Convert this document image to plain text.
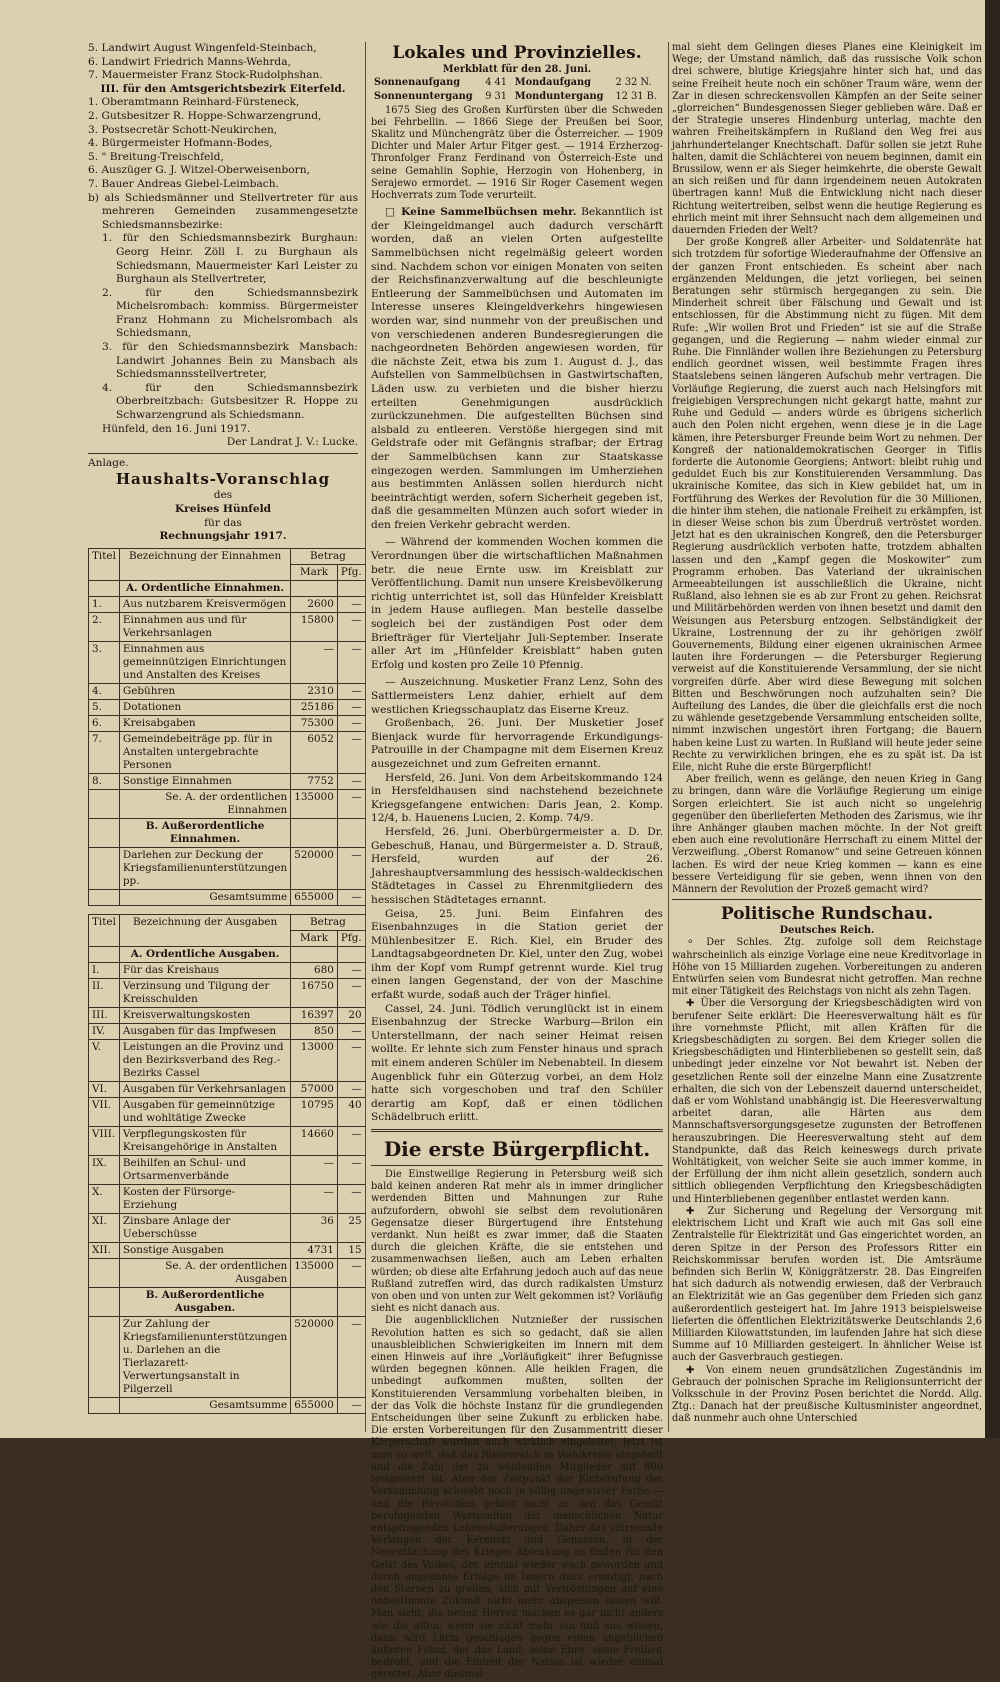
5. Landwirt August Wingenfeld-Steinbach,

6. Landwirt Friedrich Manns-Wehrda,

7. Mauermeister Franz Stock-Rudolphshan.

III. für den Amtsgerichtsbezirk Eiterfeld.

1. Oberamtmann Reinhard-Fürsteneck,

2. Gutsbesitzer R. Hoppe-Schwarzengrund,

3. Postsecretär Schott-Neukirchen,

4. Bürgermeister Hofmann-Bodes,

5. " Breitung-Treischfeld,

6. Auszüger G. J. Witzel-Oberweisenborn,

7. Bauer Andreas Giebel-Leimbach.

b) als Schiedsmänner und Stellvertreter für aus mehreren Gemeinden zusammengesetzte Schiedsmannsbezirke:

1. für den Schiedsmannsbezirk Burghaun: Georg Heinr. Zöll I. zu Burghaun als Schiedsmann, Mauermeister Karl Leister zu Burghaun als Stellvertreter,

2. für den Schiedsmannsbezirk Michelsrombach: kommiss. Bürgermeister Franz Hohmann zu Michelsrombach als Schiedsmann,

3. für den Schiedsmannsbezirk Mansbach: Landwirt Johannes Bein zu Mansbach als Schiedsmannsstellvertreter,

4. für den Schiedsmannsbezirk Oberbreitzbach: Gutsbesitzer R. Hoppe zu Schwarzengrund als Schiedsmann.

Hünfeld, den 16. Juni 1917.

Der Landrat J. V.: Lucke.

Anlage.

Haushalts-Voranschlag
des
Kreises Hünfeld
für das
Rechnungsjahr 1917.
Titel	Bezeichnung der Einnahmen	Betrag	
		Mark	Pfg.
	A. Ordentliche Einnahmen.		
1.	Aus nutzbarem Kreisvermögen	2600	—
2.	Einnahmen aus und für Verkehrsanlagen	15800	—
3.	Einnahmen aus gemeinnützigen Einrichtungen und Anstalten des Kreises	—	—
4.	Gebühren	2310	—
5.	Dotationen	25186	—
6.	Kreisabgaben	75300	—
7.	Gemeindebeiträge pp. für in Anstalten untergebrachte Personen	6052	—
8.	Sonstige Einnahmen	7752	—
	Se. A. der ordentlichen Einnahmen	135000	—
	B. Außerordentliche Einnahmen.		
	Darlehen zur Deckung der Kriegsfamilienunterstützungen pp.	520000	—
	Gesamtsumme	655000	—
Titel	Bezeichnung der Ausgaben	Betrag	
		Mark	Pfg.
	A. Ordentliche Ausgaben.		
I.	Für das Kreishaus	680	—
II.	Verzinsung und Tilgung der Kreisschulden	16750	—
III.	Kreisverwaltungskosten	16397	20
IV.	Ausgaben für das Impfwesen	850	—
V.	Leistungen an die Provinz und den Bezirksverband des Reg.-Bezirks Cassel	13000	—
VI.	Ausgaben für Verkehrsanlagen	57000	—
VII.	Ausgaben für gemeinnützige und wohltätige Zwecke	10795	40
VIII.	Verpflegungskosten für Kreisangehörige in Anstalten	14660	—
IX.	Beihilfen an Schul- und Ortsarmenverbände	—	—
X.	Kosten der Fürsorge-Erziehung	—	—
XI.	Zinsbare Anlage der Ueberschüsse	36	25
XII.	Sonstige Ausgaben	4731	15
	Se. A. der ordentlichen Ausgaben	135000	—
	B. Außerordentliche Ausgaben.		
	Zur Zahlung der Kriegsfamilienunterstützungen u. Darlehen an die Tierlazarett-Verwertungsanstalt in Pilgerzell	520000	—
	Gesamtsumme	655000	—
Lokales und Provinzielles.
Merkblatt für den 28. Juni.
Sonnenaufgang	4 41	Mondaufgang	2 32 N.
Sonnenuntergang	9 31	Monduntergang	12 31 B.

1675 Sieg des Großen Kurfürsten über die Schweden bei Fehrbellin. — 1866 Siege der Preußen bei Soor, Skalitz und Münchengrätz über die Österreicher. — 1909 Dichter und Maler Artur Fitger gest. — 1914 Erzherzog-Thronfolger Franz Ferdinand von Österreich-Este und seine Gemahlin Sophie, Herzogin von Hohenberg, in Serajewo ermordet. — 1916 Sir Roger Casement wegen Hochverrats zum Tode verurteilt.

□ Keine Sammelbüchsen mehr. Bekanntlich ist der Kleingeldmangel auch dadurch verschärft worden, daß an vielen Orten aufgestellte Sammelbüchsen nicht regelmäßig geleert worden sind. Nachdem schon vor einigen Monaten von seiten der Reichsfinanzverwaltung auf die beschleunigte Entleerung der Sammelbüchsen und Automaten im Interesse unseres Kleingeldverkehrs hingewiesen worden war, sind nunmehr von der preußischen und von verschiedenen anderen Bundesregierungen die nachgeordneten Behörden angewiesen worden, für die nächste Zeit, etwa bis zum 1. August d. J., das Aufstellen von Sammelbüchsen in Gastwirtschaften, Läden usw. zu verbieten und die bisher hierzu erteilten Genehmigungen ausdrücklich zurückzunehmen. Die aufgestellten Büchsen sind alsbald zu entleeren. Verstöße hiergegen sind mit Geldstrafe oder mit Gefängnis strafbar; der Ertrag der Sammelbüchsen kann zur Staatskasse eingezogen werden. Sammlungen im Umherziehen aus bestimmten Anlässen sollen hierdurch nicht beeinträchtigt werden, sofern Sicherheit gegeben ist, daß die gesammelten Münzen auch sofort wieder in den freien Verkehr gebracht werden.

— Während der kommenden Wochen kommen die Verordnungen über die wirtschaftlichen Maßnahmen betr. die neue Ernte usw. im Kreisblatt zur Veröffentlichung. Damit nun unsere Kreisbevölkerung richtig unterrichtet ist, soll das Hünfelder Kreisblatt in jedem Hause aufliegen. Man bestelle dasselbe sogleich bei der zuständigen Post oder dem Briefträger für Vierteljahr Juli-September. Inserate aller Art im „Hünfelder Kreisblatt“ haben guten Erfolg und kosten pro Zeile 10 Pfennig.

— Auszeichnung. Musketier Franz Lenz, Sohn des Sattlermeisters Lenz dahier, erhielt auf dem westlichen Kriegsschauplatz das Eiserne Kreuz.

Großenbach, 26. Juni. Der Musketier Josef Bienjack wurde für hervorragende Erkundigungs-Patrouille in der Champagne mit dem Eisernen Kreuz ausgezeichnet und zum Gefreiten ernannt.

Hersfeld, 26. Juni. Von dem Arbeitskommando 124 in Hersfeldhausen sind nachstehend bezeichnete Kriegsgefangene entwichen: Daris Jean, 2. Komp. 12/4, b. Hauenens Lucien, 2. Komp. 74/9.

Hersfeld, 26. Juni. Oberbürgermeister a. D. Dr. Gebeschuß, Hanau, und Bürgermeister a. D. Strauß, Hersfeld, wurden auf der 26. Jahreshauptversammlung des hessisch-waldeckischen Städtetages in Cassel zu Ehrenmitgliedern des hessischen Städtetages ernannt.

Geisa, 25. Juni. Beim Einfahren des Eisenbahnzuges in die Station geriet der Mühlenbesitzer E. Rich. Kiel, ein Bruder des Landtagsabgeordneten Dr. Kiel, unter den Zug, wobei ihm der Kopf vom Rumpf getrennt wurde. Kiel trug einen langen Gegenstand, der von der Maschine erfaßt wurde, sodaß auch der Träger hinfiel.

Cassel, 24. Juni. Tödlich verunglückt ist in einem Eisenbahnzug der Strecke Warburg—Brilon ein Unterstellmann, der nach seiner Heimat reisen wollte. Er lehnte sich zum Fenster hinaus und sprach mit einem anderen Schüler im Nebenabteil. In diesem Augenblick fuhr ein Güterzug vorbei, an dem Holz hatte sich vorgeschoben und traf den Schüler derartig am Kopf, daß er einen tödlichen Schädelbruch erlitt.

Die erste Bürgerpflicht.

Die Einstweilige Regierung in Petersburg weiß sich bald keinen anderen Rat mehr als in immer dringlicher werdenden Bitten und Mahnungen zur Ruhe aufzufordern, obwohl sie selbst dem revolutionären Gegensatze dieser Bürgertugend ihre Entstehung verdankt. Nun heißt es zwar immer, daß die Staaten durch die gleichen Kräfte, die sie entstehen und zusammenwachsen ließen, auch am Leben erhalten würden; ob diese alte Erfahrung jedoch auch auf das neue Rußland zutreffen wird, das durch radikalsten Umsturz von oben und von unten zur Welt gekommen ist? Vorläufig sieht es nicht danach aus.

Die augenblicklichen Nutznießer der russischen Revolution hatten es sich so gedacht, daß sie allen unausbleiblichen Schwierigkeiten im Innern mit dem einen Hinweis auf ihre „Vorläufigkeit“ ihrer Befugnisse würden begegnen können. Alle heiklen Fragen, die unbedingt aufkommen mußten, sollten der Konstituierenden Versammlung vorbehalten bleiben, in der das Volk die höchste Instanz für die grundlegenden Entscheidungen über seine Zukunft zu erblicken habe. Die ersten Vorbereitungen für den Zusammentritt dieser Körperschaft wurden auch wirklich eingeleitet; jetzt ist man so weit, daß das Riesenreich in Wahlkreise eingeteilt und die Zahl der zu wählenden Mitglieder auf 800 festgesetzt ist. Aber der Zeitpunkt der Einberufung der Versammlung schwebt noch in völlig ungewisser Ferne — und die Revolution gehört nicht zu den das Gemüt beruhigenden Wartezeiten der menschlichen Natur entspringenden Lebensäußerungen. Daher das stürmende Verlangen der Kerenski und Genossen, in der Neuentfachung des Krieges Ablenkung zu finden für den Geist des Volkes, der, einmal wieder wach geworden und durch ungeahnte Erfolge im Innern dazu ermutigt, nach den Sternen zu greifen, sich mit Vertröstungen auf eine unbestimmte Zukunft nicht mehr abspeisen lassen will. Man sieht, die neuen Herren machen es gar nicht anders wie die alten: wenn sie nicht mehr ein und aus wissen, dann wird Lärm geschlagen gegen einen angeblichen äußeren Feind, der das Land, seine Ehre, seine Freiheit bedroht, und die Einheit der Nation ist wieder einmal gerettet. Aber diesmal

mal sieht dem Gelingen dieses Planes eine Kleinigkeit im Wege; der Umstand nämlich, daß das russische Volk schon drei schwere, blutige Kriegsjahre hinter sich hat, und das seine Freiheit heute noch ein schöner Traum wäre, wenn der Zar in diesen schreckensvollen Kämpfen an der Seite seiner „glorreichen“ Bundesgenossen Sieger geblieben wäre. Daß er der Strategie unseres Hindenburg unterlag, machte den wahren Freiheitskämpfern in Rußland den Weg frei aus jahrhundertelanger Knechtschaft. Dafür sollen sie jetzt Ruhe halten, damit die Schlächterei von neuem beginnen, damit ein Brussilow, wenn er als Sieger heimkehrte, die oberste Gewalt an sich reißen und für dann irgendeinem neuen Autokraten übertragen kann! Muß die Entwicklung nicht nach dieser Richtung weitertreiben, selbst wenn die heutige Regierung es ehrlich meint mit ihrer Sehnsucht nach dem allgemeinen und dauernden Frieden der Welt?

Der große Kongreß aller Arbeiter- und Soldatenräte hat sich trotzdem für sofortige Wiederaufnahme der Offensive an der ganzen Front entschieden. Es scheint aber nach ergänzenden Meldungen, die jetzt vorliegen, bei seinen Beratungen sehr stürmisch hergegangen zu sein. Die Minderheit schreit über Fälschung und Gewalt und ist entschlossen, für die Abstimmung nicht zu fügen. Mit dem Rufe: „Wir wollen Brot und Frieden“ ist sie auf die Straße gegangen, und die Regierung — nahm wieder einmal zur Ruhe. Die Finnländer wollen ihre Beziehungen zu Petersburg endlich geordnet wissen, weil bestimmte Fragen ihres Staatslebens seinen längeren Aufschub mehr vertragen. Die Vorläufige Regierung, die zuerst auch nach Helsingfors mit freigiebigen Versprechungen nicht gekargt hatte, mahnt zur Ruhe und Geduld — anders würde es übrigens sicherlich auch den Polen nicht ergehen, wenn diese je in die Lage kämen, ihre Petersburger Freunde beim Wort zu nehmen. Der Kongreß der nationaldemokratischen Georger in Tiflis forderte die Autonomie Georgiens; Antwort: bleibt ruhig und geduldet Euch bis zur Konstituierenden Versammlung. Das ukrainische Komitee, das sich in Kiew gebildet hat, um in Fortführung des Werkes der Revolution für die 30 Millionen, die hinter ihm stehen, die nationale Freiheit zu erkämpfen, ist in dieser Weise schon bis zum Überdruß vertröstet worden. Jetzt hat es den ukrainischen Kongreß, den die Petersburger Regierung ausdrücklich verboten hatte, trotzdem abhalten lassen und den „Kampf gegen die Moskowiter“ zum Programm erhoben. Das Vaterland der ukrainischen Armeeabteilungen ist ausschließlich die Ukraine, nicht Rußland, also lehnen sie es ab zur Front zu gehen. Reichsrat und Militärbehörden werden von ihnen besetzt und damit den Weisungen aus Petersburg entzogen. Selbständigkeit der Ukraine, Lostrennung der zu ihr gehörigen zwölf Gouvernements, Bildung einer eigenen ukrainischen Armee lauten ihre Forderungen — die Petersburger Regierung verweist auf die Konstituierende Versammlung, der sie nicht vorgreifen dürfe. Aber wird diese Bewegung mit solchen Bitten und Beschwörungen noch aufzuhalten sein? Die Aufteilung des Landes, die über die gleichfalls erst die noch zu wählende gesetzgebende Versammlung entscheiden sollte, nimmt inzwischen ungestört ihren Fortgang; die Bauern haben keine Lust zu warten. In Rußland will heute jeder seine Rechte zu verwirklichen bringen, ehe es zu spät ist. Da ist Eile, nicht Ruhe die erste Bürgerpflicht!

Aber freilich, wenn es gelänge, den neuen Krieg in Gang zu bringen, dann wäre die Vorläufige Regierung um einige Sorgen erleichtert. Sie ist auch nicht so ungelehrig gegenüber den überlieferten Methoden des Zarismus, wie ihr ihre Anhänger glauben machen möchte. In der Not greift eben auch eine revolutionäre Herrschaft zu einem Mittel der Verzweiflung. „Oberst Romanow“ und seine Getreuen können lachen. Es wird der neue Krieg kommen — kann es eine bessere Verteidigung für sie geben, wenn ihnen von den Männern der Revolution der Prozeß gemacht wird?

Politische Rundschau.
Deutsches Reich.

⚬ Der Schles. Ztg. zufolge soll dem Reichstage wahrscheinlich als einzige Vorlage eine neue Kreditvorlage in Höhe von 15 Milliarden zugehen. Vorbereitungen zu anderen Entwürfen seien vom Bundesrat nicht getroffen. Man rechne mit einer Tätigkeit des Reichstags von nicht als zehn Tagen.

✚ Über die Versorgung der Kriegsbeschädigten wird von berufener Seite erklärt: Die Heeresverwaltung hält es für ihre vornehmste Pflicht, mit allen Kräften für die Kriegsbeschädigten zu sorgen. Bei dem Krieger sollen die Kriegsbeschädigten und Hinterbliebenen so gestellt sein, daß unbedingt jeder einzelne vor Not bewahrt ist. Neben der gesetzlichen Rente soll der einzelne Mann eine Zusatzrente erhalten, die sich von der Lebenszeit dauernd unterscheidet, daß er vom Wohlstand unabhängig ist. Die Heeresverwaltung arbeitet daran, alle Härten aus dem Mannschaftsversorgungsgesetze zugunsten der Betroffenen herauszubringen. Die Heeresverwaltung steht auf dem Standpunkte, daß das Reich keineswegs durch private Wohltätigkeit, von welcher Seite sie auch immer komme, in der Erfüllung der ihm nicht allein gesetzlich, sondern auch sittlich obliegenden Verpflichtung den Kriegsbeschädigten und Hinterbliebenen gegenüber entlastet werden kann.

✚ Zur Sicherung und Regelung der Versorgung mit elektrischem Licht und Kraft wie auch mit Gas soll eine Zentralstelle für Elektrizität und Gas eingerichtet worden, an deren Spitze in der Person des Professors Ritter ein Reichskommissar berufen worden ist. Die Amtsräume befinden sich Berlin W, Königgrätzerstr. 28. Das Eingreifen hat sich dadurch als notwendig erwiesen, daß der Verbrauch an Elektrizität wie an Gas gegenüber dem Frieden sich ganz außerordentlich gesteigert hat. Im Jahre 1913 beispielsweise lieferten die öffentlichen Elektrizitätswerke Deutschlands 2,6 Milliarden Kilowattstunden, im laufenden Jahre hat sich diese Summe auf 10 Milliarden gesteigert. In ähnlicher Weise ist auch der Gasverbrauch gestiegen.

✚ Von einem neuen grundsätzlichen Zugeständnis im Gebrauch der polnischen Sprache im Religionsunterricht der Volksschule in der Provinz Posen berichtet die Nordd. Allg. Ztg.: Danach hat der preußische Kultusminister angeordnet, daß nunmehr auch ohne Unterschied
